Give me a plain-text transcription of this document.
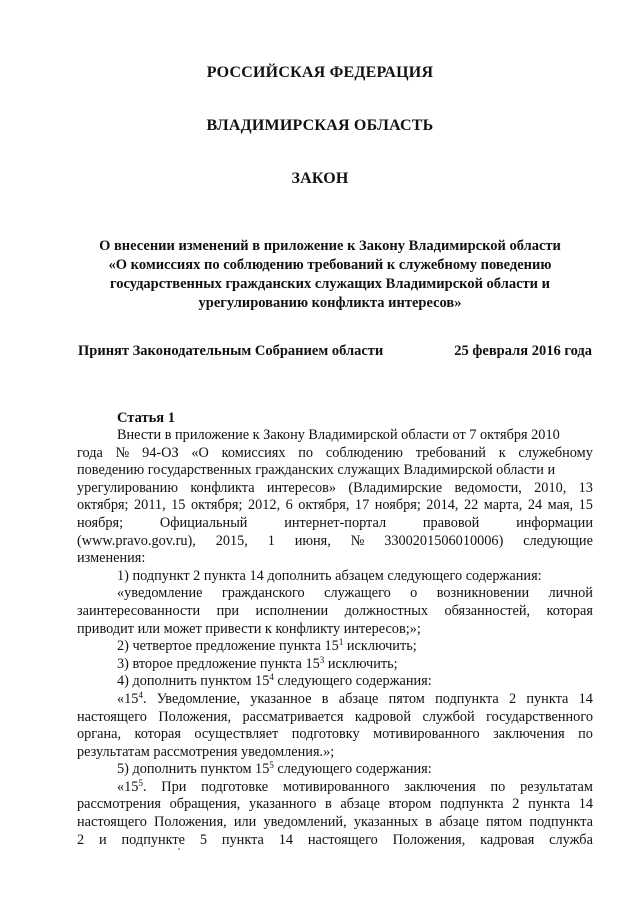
РОССИЙСКАЯ ФЕДЕРАЦИЯ
ВЛАДИМИРСКАЯ ОБЛАСТЬ
ЗАКОН
О внесении изменений в приложение к Закону Владимирской области
«О комиссиях по соблюдению требований к служебному поведению
государственных гражданских служащих Владимирской области и
урегулированию конфликта интересов»
Принят Законодательным Собранием области	25 февраля 2016 года
Статья 1
Внести в приложение к Закону Владимирской области от 7 октября 2010
года № 94-ОЗ «О комиссиях по соблюдению требований к служебному
поведению государственных гражданских служащих Владимирской области и
урегулированию конфликта интересов» (Владимирские ведомости, 2010, 13
октября; 2011, 15 октября; 2012, 6 октября, 17 ноября; 2014, 22 марта, 24 мая, 15
ноября;	Официальный	интернет-портал	правовой	информации
(www.pravo.gov.ru), 2015, 1 июня, № 3300201506010006) следующие
изменения:
1) подпункт 2 пункта 14 дополнить абзацем следующего содержания:
«уведомление гражданского служащего о возникновении личной
заинтересованности при исполнении должностных обязанностей, которая
приводит или может привести к конфликту интересов;»;
2) четвертое предложение пункта $15^1$ исключить;
3) второе предложение пункта $15^3$ исключить;
4) дополнить пунктом $15^4$ следующего содержания:
«$15^4$. Уведомление, указанное в абзаце пятом подпункта 2 пункта 14
настоящего Положения, рассматривается кадровой службой государственного
органа, которая осуществляет подготовку мотивированного заключения по
результатам рассмотрения уведомления.»;
5) дополнить пунктом $15^5$ следующего содержания:
«$15^5$. При подготовке мотивированного заключения по результатам
рассмотрения обращения, указанного в абзаце втором подпункта 2 пункта 14
настоящего Положения, или уведомлений, указанных в абзаце пятом подпункта
2 и подпункте 5 пункта 14 настоящего Положения, кадровая служба
